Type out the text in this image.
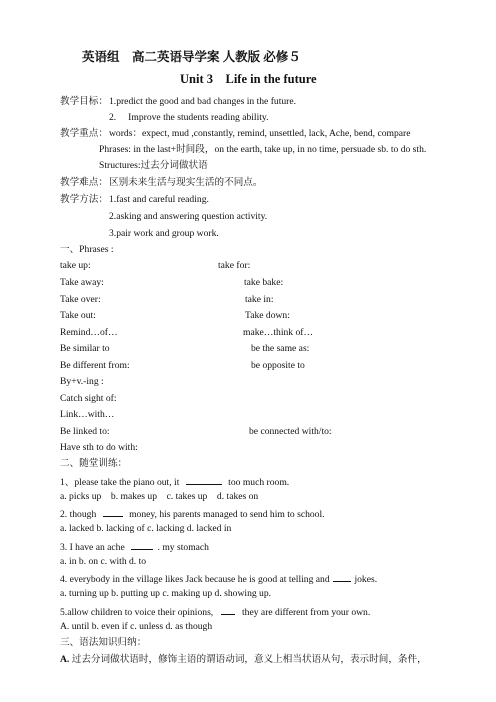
英语组　高二英语导学案 人教版 必修５
Unit 3　Life in the future
教学目标： 1.predict the good and bad changes in the future.
2.　 Improve the students reading ability.
教学重点： words：expect, mud ,constantly, remind, unsettled, lack, Ache, bend, compare
Phrases: in the last+时间段，on the earth, take up, in no time, persuade sb. to do sth.
Structures:过去分词做状语
教学难点： 区别未来生活与现实生活的不同点。
教学方法： 1.fast and careful reading.
2.asking and answering question activity.
3.pair work and group work.
一、Phrases :
take up:	take for:
Take away:	take bake:
Take over:	take in:
Take out:	Take down:
Remind…of…	make…think of…
Be similar to	be the same as:
Be different from:	be opposite to
By+v.-ing :
Catch sight of:
Link…with…
Be linked to:	be connected with/to:
Have sth to do with:
二、随堂训练：
1、please take the piano out, it	too much room.
a. picks up　b. makes up　c. takes up　d. takes on
2. though	money, his parents managed to send him to school.
a. lacked b. lacking of c. lacking d. lacked in
3. I have an ache	. my stomach
a. in b. on c. with d. to
4. everybody in the village likes Jack because he is good at telling and	jokes.
a. turning up b. putting up c. making up d. showing up.
5.allow children to voice their opinions,	they are different from your own.
A. until b. even if c. unless d. as though
三、语法知识归纳：
A. 过去分词做状语时，修饰主语的谓语动词，意义上相当状语从句，表示时间，条件，
